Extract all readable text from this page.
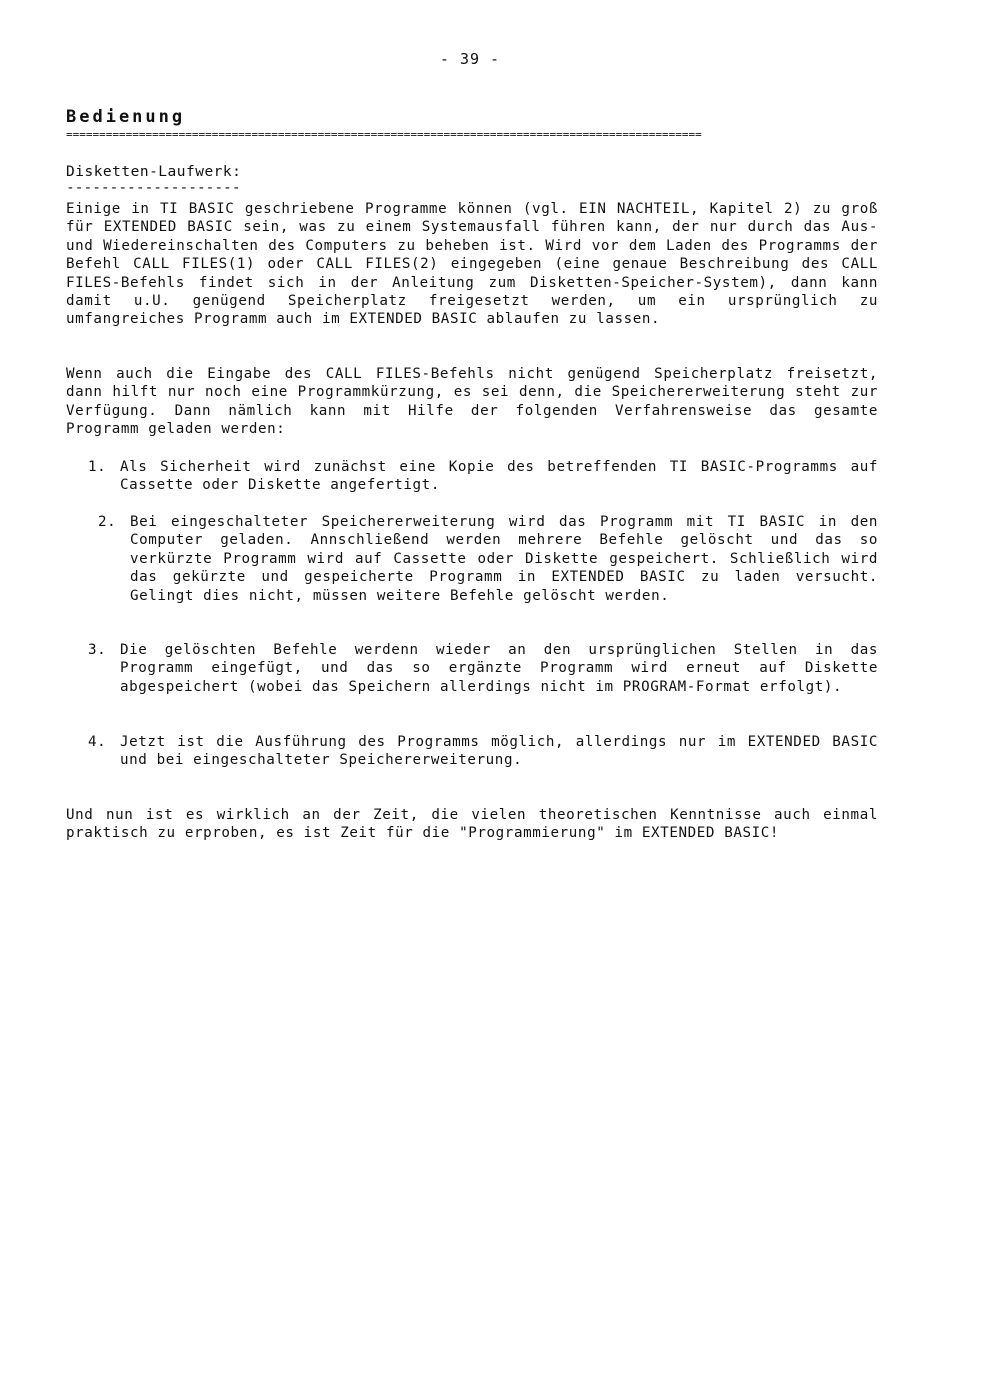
- 39 -
Bedienung
================================================================================================
Disketten-Laufwerk:
--------------------
Einige in TI BASIC geschriebene Programme können (vgl. EIN NACHTEIL, Kapitel 2) zu groß für EXTENDED BASIC sein, was zu einem Systemausfall führen kann, der nur durch das Aus- und Wiedereinschalten des Computers zu beheben ist. Wird vor dem Laden des Programms der Befehl CALL FILES(1) oder CALL FILES(2) eingegeben (eine genaue Beschreibung des CALL FILES-Befehls findet sich in der Anleitung zum Disketten-Speicher-System), dann kann damit u.U. genügend Speicherplatz freigesetzt werden, um ein ursprünglich zu umfangreiches Programm auch im EXTENDED BASIC ablaufen zu lassen.
Wenn auch die Eingabe des CALL FILES-Befehls nicht genügend Speicherplatz freisetzt, dann hilft nur noch eine Programmkürzung, es sei denn, die Speichererweiterung steht zur Verfügung. Dann nämlich kann mit Hilfe der folgenden Verfahrensweise das gesamte Programm geladen werden:
1. Als Sicherheit wird zunächst eine Kopie des betreffenden TI BASIC-Programms auf Cassette oder Diskette angefertigt.
2. Bei eingeschalteter Speichererweiterung wird das Programm mit TI BASIC in den Computer geladen. Annschließend werden mehrere Befehle gelöscht und das so verkürzte Programm wird auf Cassette oder Diskette gespeichert. Schließlich wird das gekürzte und gespeicherte Programm in EXTENDED BASIC zu laden versucht. Gelingt dies nicht, müssen weitere Befehle gelöscht werden.
3. Die gelöschten Befehle werdenn wieder an den ursprünglichen Stellen in das Programm eingefügt, und das so ergänzte Programm wird erneut auf Diskette abgespeichert (wobei das Speichern allerdings nicht im PROGRAM-Format erfolgt).
4. Jetzt ist die Ausführung des Programms möglich, allerdings nur im EXTENDED BASIC und bei eingeschalteter Speichererweiterung.
Und nun ist es wirklich an der Zeit, die vielen theoretischen Kenntnisse auch einmal praktisch zu erproben, es ist Zeit für die "Programmierung" im EXTENDED BASIC!
